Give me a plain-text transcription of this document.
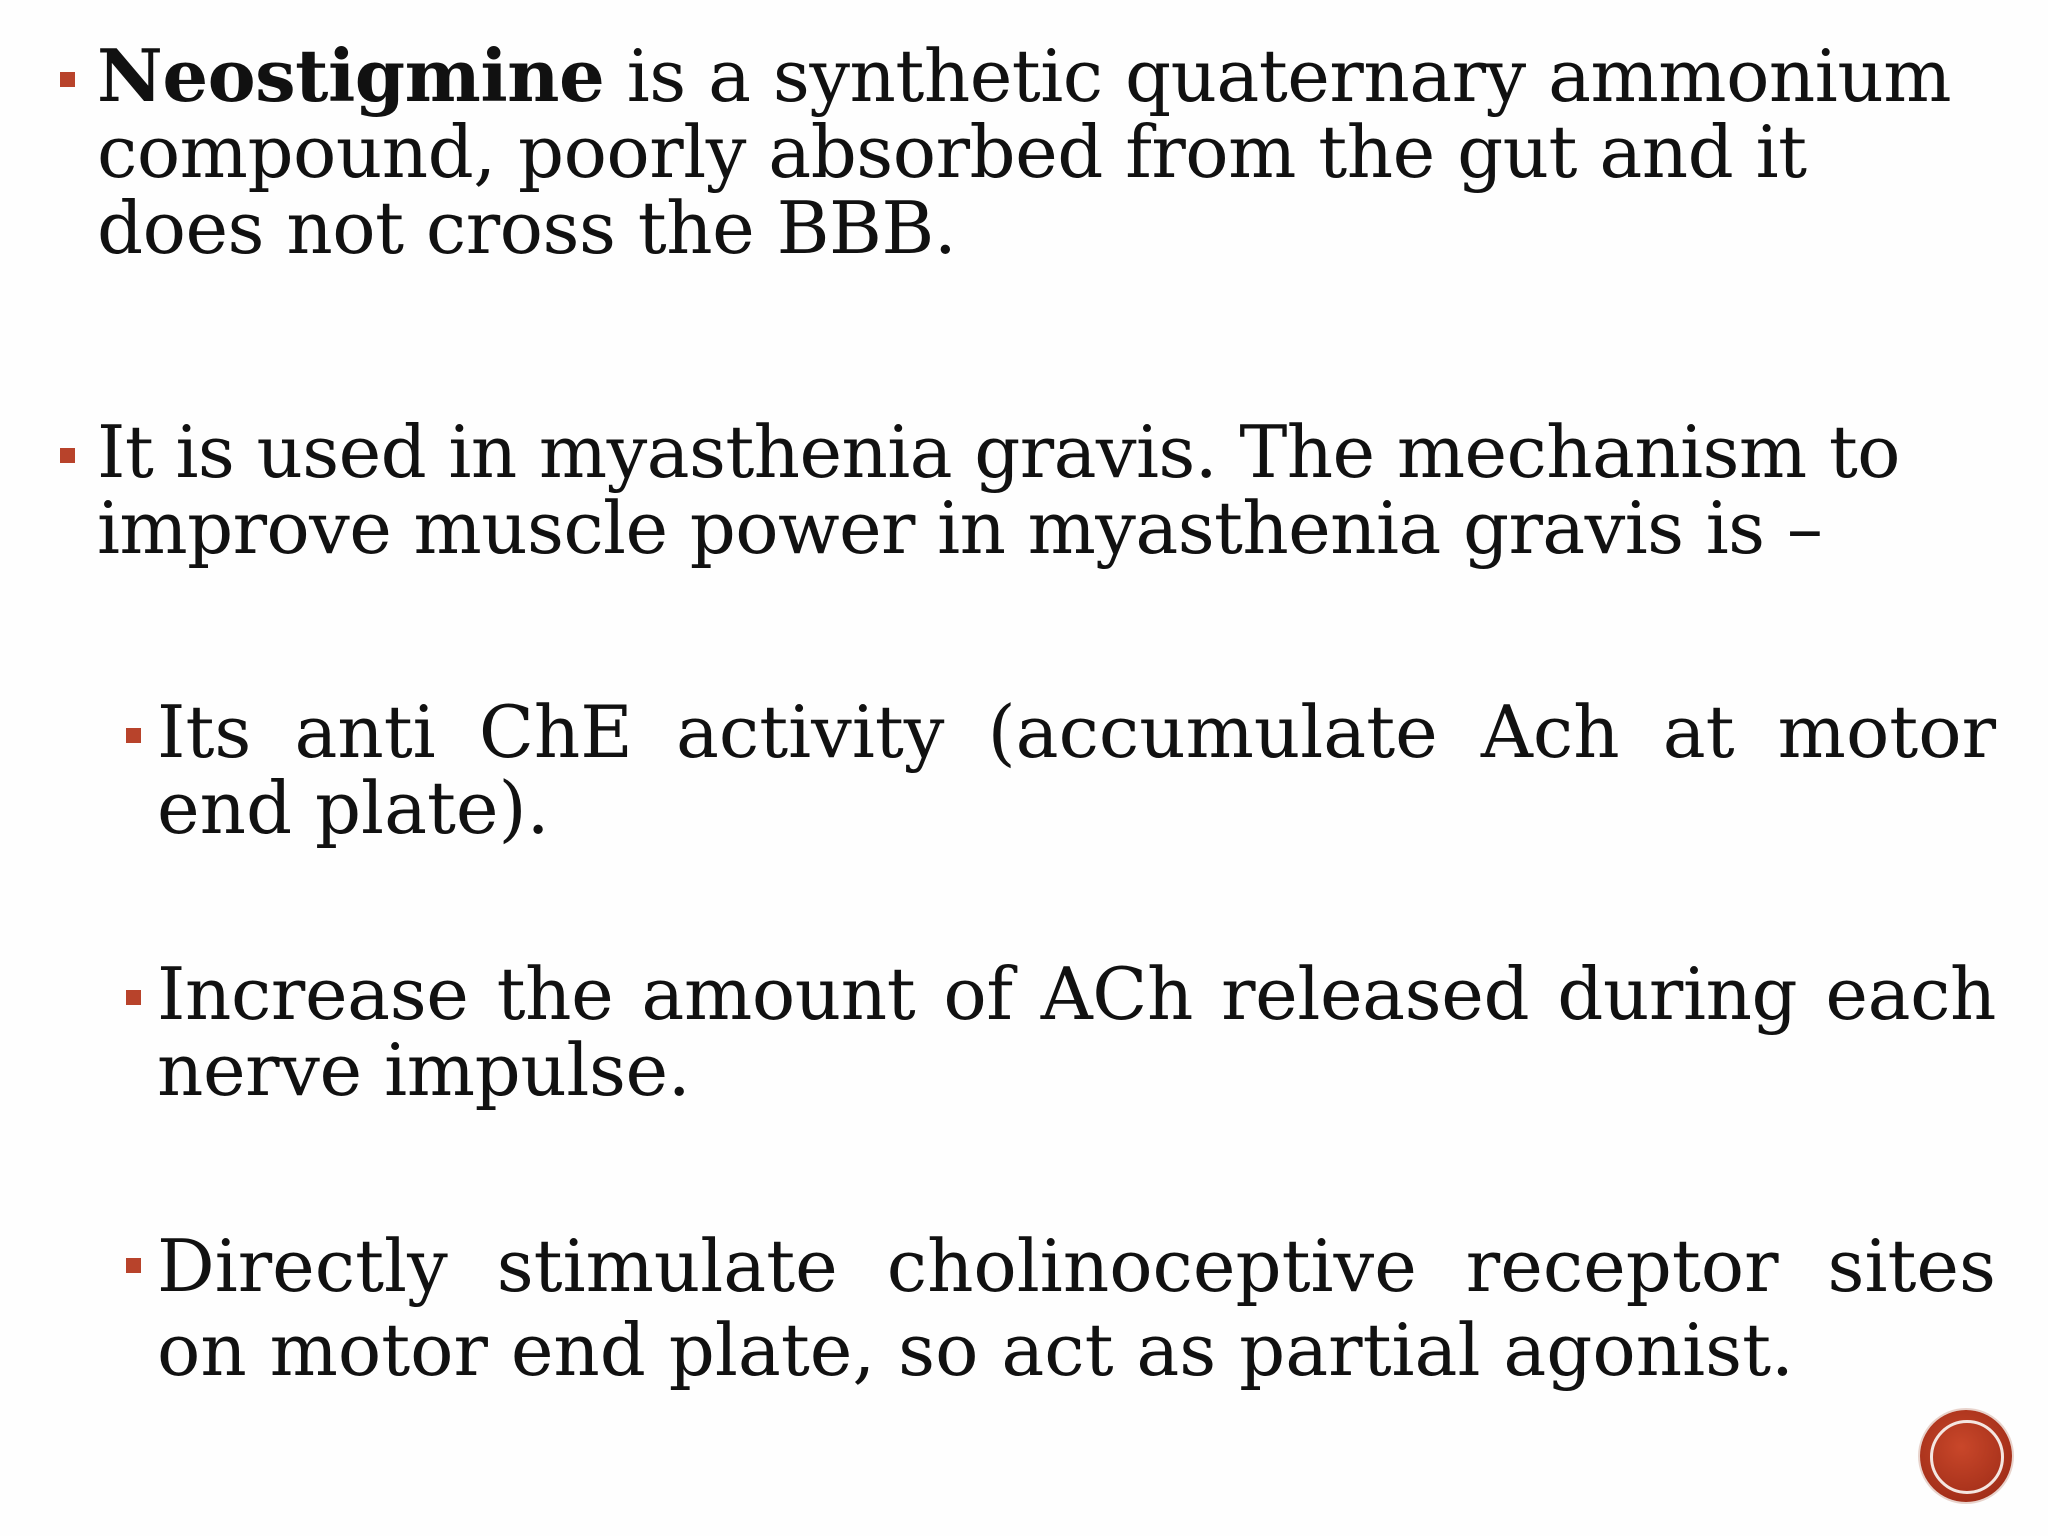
Neostigmine is a synthetic quaternary ammonium compound, poorly absorbed from the gut and it does not cross the BBB.

It is used in myasthenia gravis. The mechanism to improve muscle power in myasthenia gravis is –

Its anti ChE activity (accumulate Ach at motor end plate).

Increase the amount of ACh released during each nerve impulse.

Directly stimulate cholinoceptive receptor sites on motor end plate, so act as partial agonist.
